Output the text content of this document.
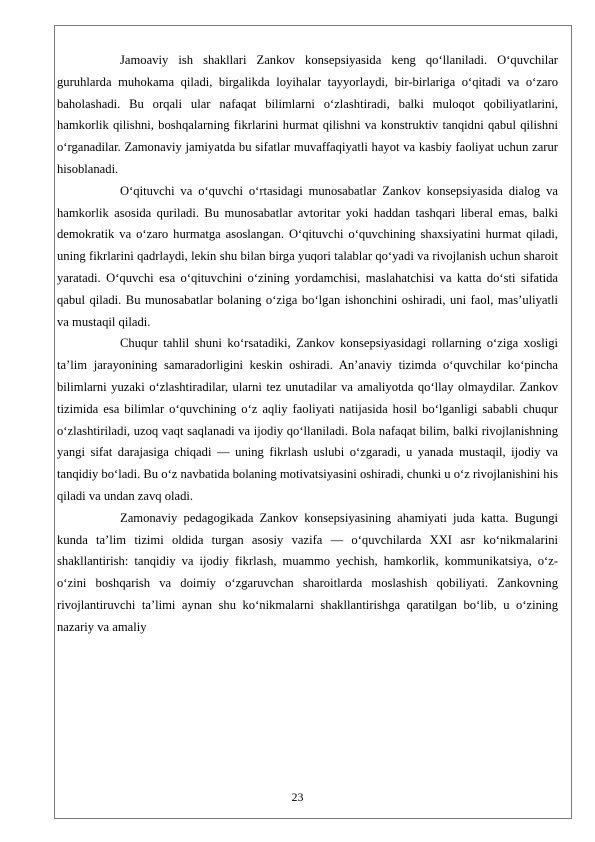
Jamoaviy ish shakllari Zankov konsepsiyasida keng qo‘llaniladi. O‘quvchilar guruhlarda muhokama qiladi, birgalikda loyihalar tayyorlaydi, bir-birlariga o‘qitadi va o‘zaro baholashadi. Bu orqali ular nafaqat bilimlarni o‘zlashtiradi, balki muloqot qobiliyatlarini, hamkorlik qilishni, boshqalarning fikrlarini hurmat qilishni va konstruktiv tanqidni qabul qilishni o‘rganadilar. Zamonaviy jamiyatda bu sifatlar muvaffaqiyatli hayot va kasbiy faoliyat uchun zarur hisoblanadi.

O‘qituvchi va o‘quvchi o‘rtasidagi munosabatlar Zankov konsepsiyasida dialog va hamkorlik asosida quriladi. Bu munosabatlar avtoritar yoki haddan tashqari liberal emas, balki demokratik va o‘zaro hurmatga asoslangan. O‘qituvchi o‘quvchining shaxsiyatini hurmat qiladi, uning fikrlarini qadrlaydi, lekin shu bilan birga yuqori talablar qo‘yadi va rivojlanish uchun sharoit yaratadi. O‘quvchi esa o‘qituvchini o‘zining yordamchisi, maslahatchisi va katta do‘sti sifatida qabul qiladi. Bu munosabatlar bolaning o‘ziga bo‘lgan ishonchini oshiradi, uni faol, mas’uliyatli va mustaqil qiladi.

Chuqur tahlil shuni ko‘rsatadiki, Zankov konsepsiyasidagi rollarning o‘ziga xosligi ta’lim jarayonining samaradorligini keskin oshiradi. An’anaviy tizimda o‘quvchilar ko‘pincha bilimlarni yuzaki o‘zlashtiradilar, ularni tez unutadilar va amaliyotda qo‘llay olmaydilar. Zankov tizimida esa bilimlar o‘quvchining o‘z aqliy faoliyati natijasida hosil bo‘lganligi sababli chuqur o‘zlashtiriladi, uzoq vaqt saqlanadi va ijodiy qo‘llaniladi. Bola nafaqat bilim, balki rivojlanishning yangi sifat darajasiga chiqadi — uning fikrlash uslubi o‘zgaradi, u yanada mustaqil, ijodiy va tanqidiy bo‘ladi. Bu o‘z navbatida bolaning motivatsiyasini oshiradi, chunki u o‘z rivojlanishini his qiladi va undan zavq oladi.

Zamonaviy pedagogikada Zankov konsepsiyasining ahamiyati juda katta. Bugungi kunda ta’lim tizimi oldida turgan asosiy vazifa — o‘quvchilarda XXI asr ko‘nikmalarini shakllantirish: tanqidiy va ijodiy fikrlash, muammo yechish, hamkorlik, kommunikatsiya, o‘z-o‘zini boshqarish va doimiy o‘zgaruvchan sharoitlarda moslashish qobiliyati. Zankovning rivojlantiruvchi ta’limi aynan shu ko‘nikmalarni shakllantirishga qaratilgan bo‘lib, u o‘zining nazariy va amaliy

23
